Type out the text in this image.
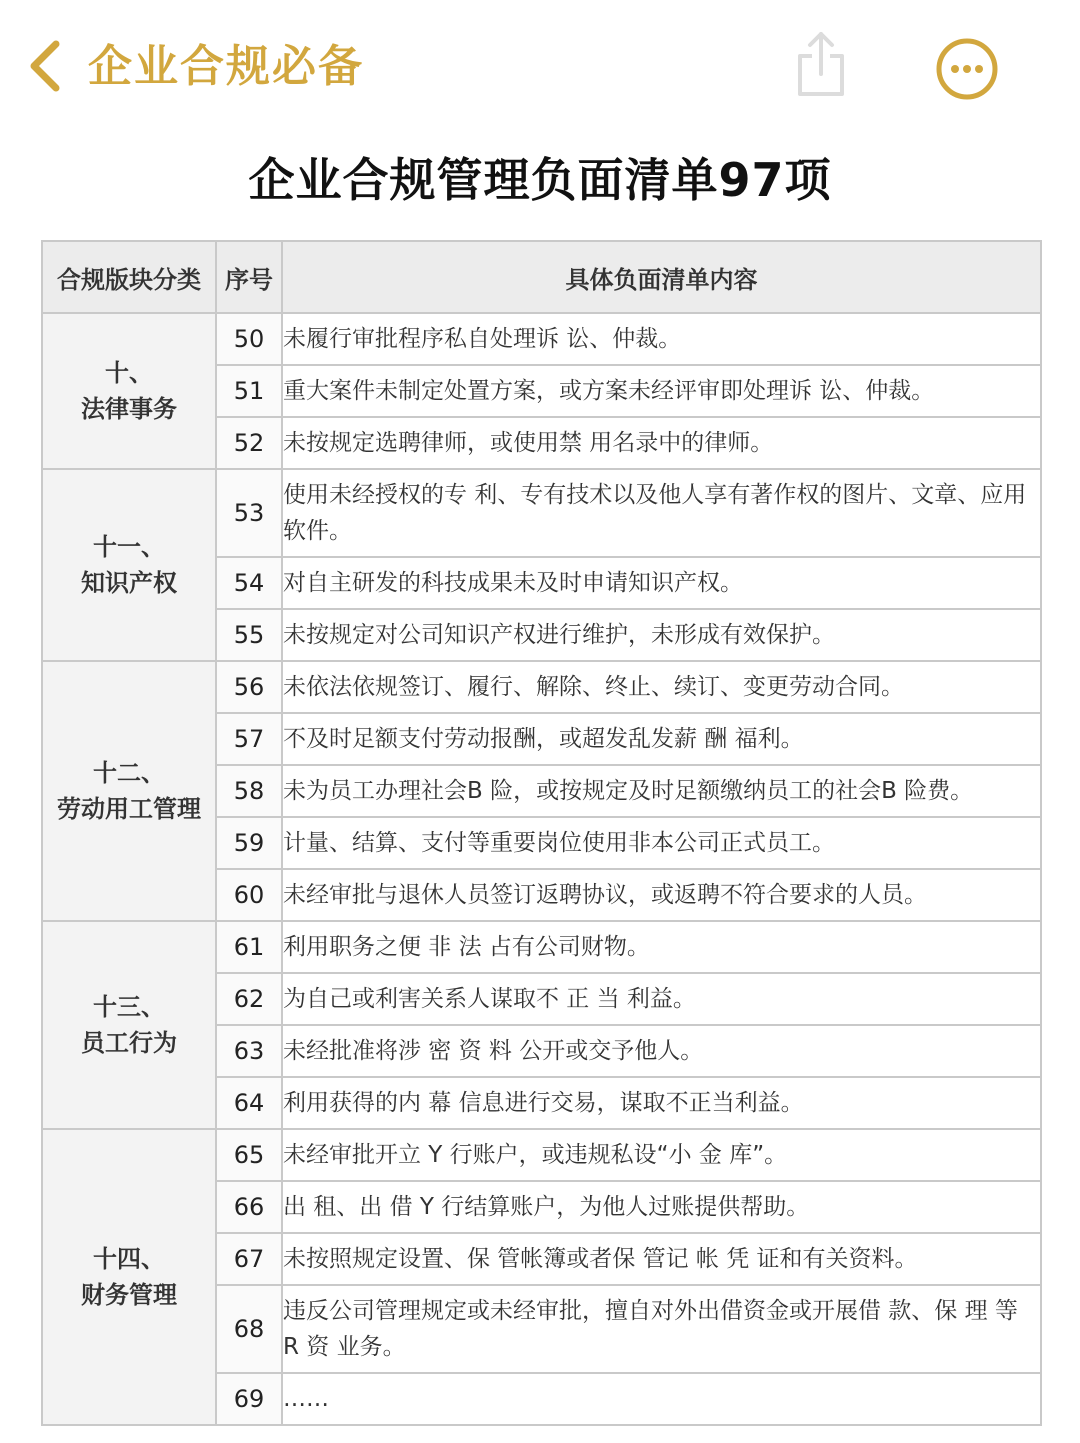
企业合规必备
企业合规管理负面清单97项
合规版块分类	序号	具体负面清单内容

十、
法律事务	50	未履行审批程序私自处理诉 讼、仲裁。
	51	重大案件未制定处置方案，或方案未经评审即处理诉 讼、仲裁。
	52	未按规定选聘律师，或使用禁 用名录中的律师。

十一、
知识产权	53	使用未经授权的专 利、专有技术以及他人享有著作权的图片、文章、应用软件。
	54	对自主研发的科技成果未及时申请知识产权。
	55	未按规定对公司知识产权进行维护，未形成有效保护。

十二、
劳动用工管理	56	未依法依规签订、履行、解除、终止、续订、变更劳动合同。
	57	不及时足额支付劳动报酬，或超发乱发薪 酬 福利。
	58	未为员工办理社会B 险，或按规定及时足额缴纳员工的社会B 险费。
	59	计量、结算、支付等重要岗位使用非本公司正式员工。
	60	未经审批与退休人员签订返聘协议，或返聘不符合要求的人员。

十三、
员工行为	61	利用职务之便 非 法 占有公司财物。
	62	为自己或利害关系人谋取不 正 当 利益。
	63	未经批准将涉 密 资 料 公开或交予他人。
	64	利用获得的内 幕 信息进行交易，谋取不正当利益。

十四、
财务管理	65	未经审批开立 Y 行账户，或违规私设“小 金 库”。
	66	出 租、出 借 Y 行结算账户，为他人过账提供帮助。
	67	未按照规定设置、保 管帐簿或者保 管记 帐 凭 证和有关资料。
	68	违反公司管理规定或未经审批，擅自对外出借资金或开展借 款、保 理 等 R 资 业务。
	69	……
